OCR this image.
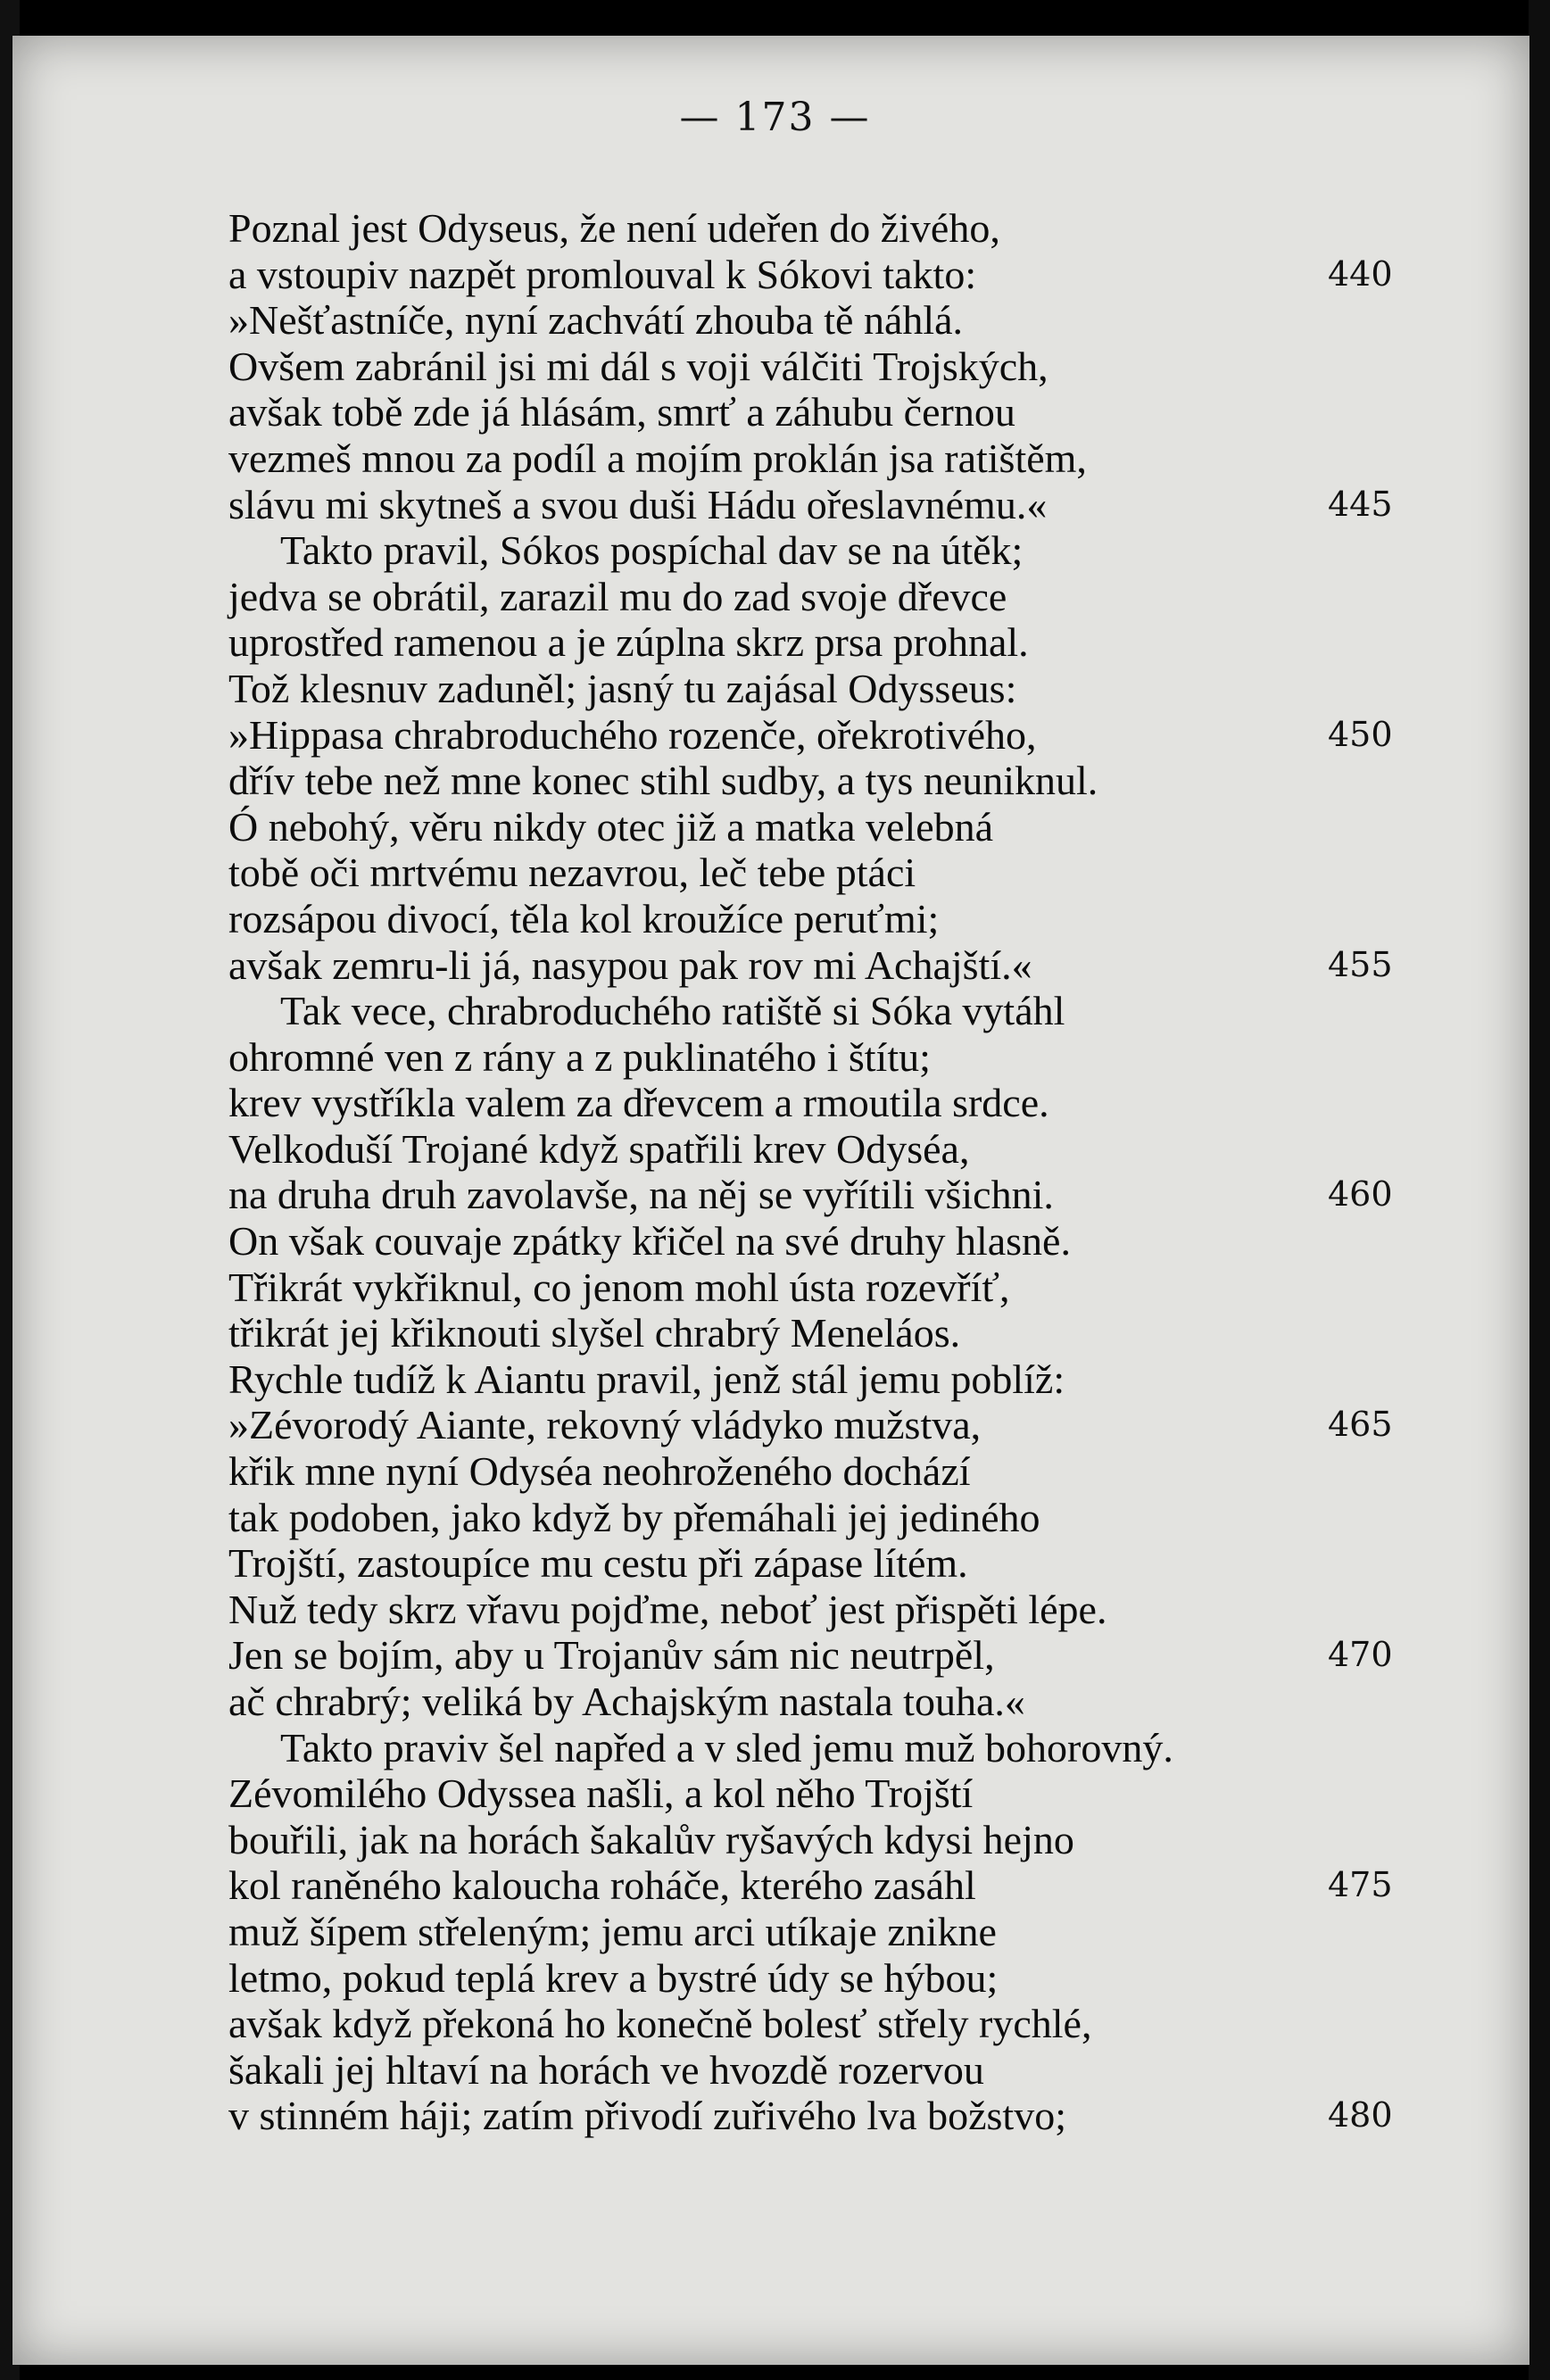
— 173 —
Poznal jest Odyseus, že není udeřen do živého,
a vstoupiv nazpět promlouval k Sókovi takto:	440
»Nešťastníče, nyní zachvátí zhouba tě náhlá.
Ovšem zabránil jsi mi dál s voji válčiti Trojských,
avšak tobě zde já hlásám, smrť a záhubu černou
vezmeš mnou za podíl a mojím proklán jsa ratištěm,
slávu mi skytneš a svou duši Hádu ořeslavnému.«	445
Takto pravil, Sókos pospíchal dav se na útěk;
jedva se obrátil, zarazil mu do zad svoje dřevce
uprostřed ramenou a je zúplna skrz prsa prohnal.
Tož klesnuv zaduněl; jasný tu zajásal Odysseus:
»Hippasa chrabroduchého rozenče, ořekrotivého,	450
dřív tebe než mne konec stihl sudby, a tys neuniknul.
Ó nebohý, věru nikdy otec již a matka velebná
tobě oči mrtvému nezavrou, leč tebe ptáci
rozsápou divocí, těla kol kroužíce peruťmi;
avšak zemru-li já, nasypou pak rov mi Achajští.«	455
Tak vece, chrabroduchého ratiště si Sóka vytáhl
ohromné ven z rány a z puklinatého i štítu;
krev vystříkla valem za dřevcem a rmoutila srdce.
Velkoduší Trojané když spatřili krev Odyséa,
na druha druh zavolavše, na něj se vyřítili všichni.	460
On však couvaje zpátky křičel na své druhy hlasně.
Třikrát vykřiknul, co jenom mohl ústa rozevříť,
třikrát jej křiknouti slyšel chrabrý Meneláos.
Rychle tudíž k Aiantu pravil, jenž stál jemu poblíž:
»Zévorodý Aiante, rekovný vládyko mužstva,	465
křik mne nyní Odyséa neohroženého dochází
tak podoben, jako když by přemáhali jej jediného
Trojští, zastoupíce mu cestu při zápase lítém.
Nuž tedy skrz vřavu pojďme, neboť jest přispěti lépe.
Jen se bojím, aby u Trojanův sám nic neutrpěl,	470
ač chrabrý; veliká by Achajským nastala touha.«
Takto praviv šel napřed a v sled jemu muž bohorovný.
Zévomilého Odyssea našli, a kol něho Trojští
bouřili, jak na horách šakalův ryšavých kdysi hejno
kol raněného kaloucha roháče, kterého zasáhl	475
muž šípem střeleným; jemu arci utíkaje znikne
letmo, pokud teplá krev a bystré údy se hýbou;
avšak když překoná ho konečně bolesť střely rychlé,
šakali jej hltaví na horách ve hvozdě rozervou
v stinném háji; zatím přivodí zuřivého lva božstvo;	480
